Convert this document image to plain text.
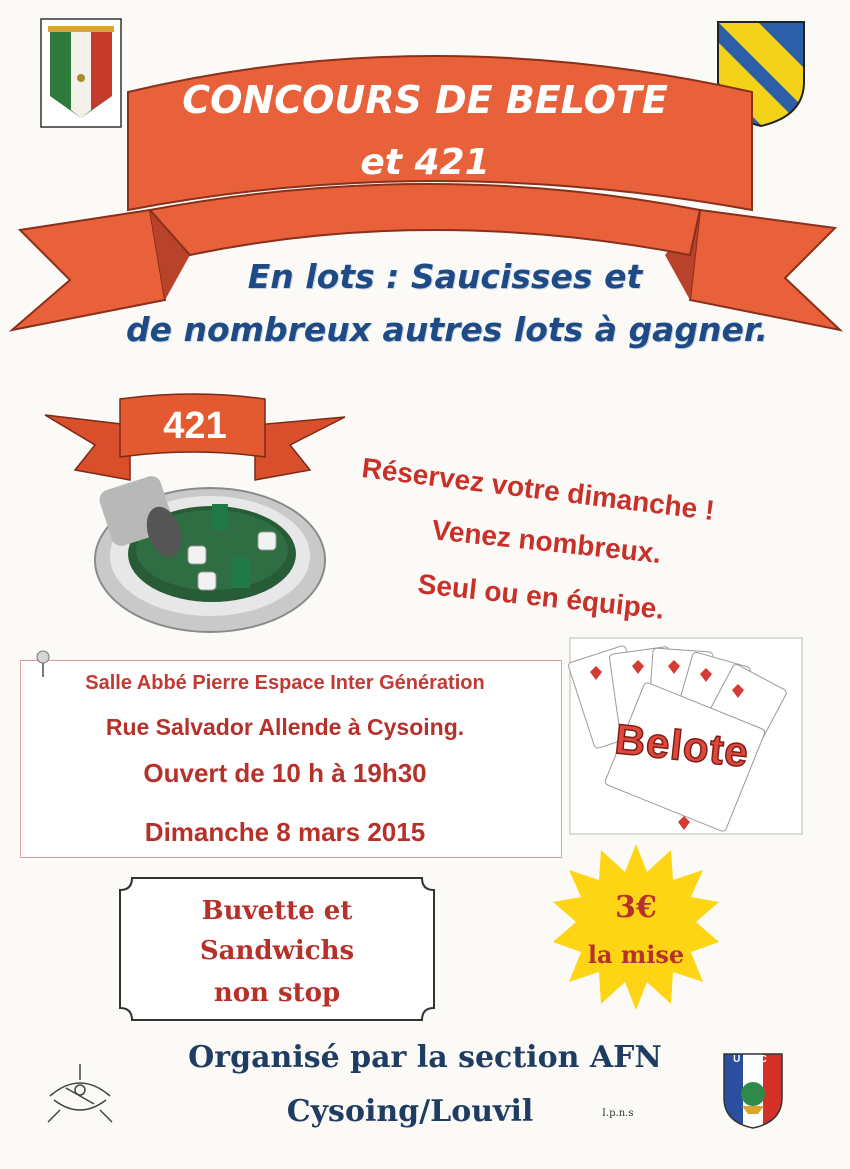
CONCOURS DE BELOTE
et 421
En lots : Saucisses et
de nombreux autres lots à gagner.
421
Réservez votre dimanche !
Venez nombreux.
Seul ou en équipe.
Salle Abbé Pierre Espace Inter Génération
Rue Salvador Allende à Cysoing.
Ouvert de 10 h à 19h30
Dimanche 8 mars 2015
Belote
Buvette et
Sandwichs
non stop
3€
la mise
Organisé par la section AFN
Cysoing/Louvil	I.p.n.s
UNC
